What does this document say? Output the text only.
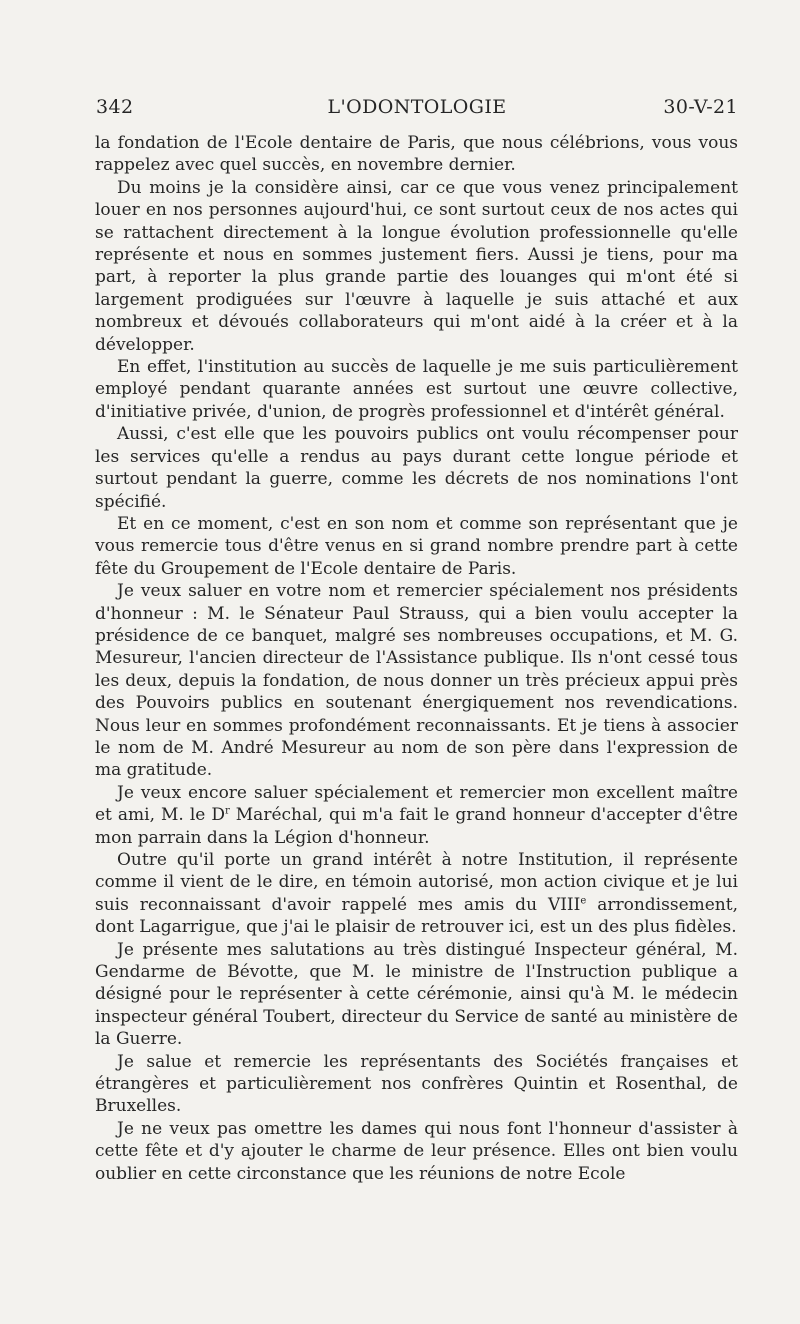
L'ODONTOLOGIE
342	30-V-21

la fondation de l'Ecole dentaire de Paris, que nous célébrions, vous vous rappelez avec quel succès, en novembre dernier.

Du moins je la considère ainsi, car ce que vous venez principalement louer en nos personnes aujourd'hui, ce sont surtout ceux de nos actes qui se rattachent directement à la longue évolution professionnelle qu'elle représente et nous en sommes justement fiers. Aussi je tiens, pour ma part, à reporter la plus grande partie des louanges qui m'ont été si largement prodiguées sur l'œuvre à laquelle je suis attaché et aux nombreux et dévoués collaborateurs qui m'ont aidé à la créer et à la développer.

En effet, l'institution au succès de laquelle je me suis particulièrement employé pendant quarante années est surtout une œuvre collective, d'initiative privée, d'union, de progrès professionnel et d'intérêt général.

Aussi, c'est elle que les pouvoirs publics ont voulu récompenser pour les services qu'elle a rendus au pays durant cette longue période et surtout pendant la guerre, comme les décrets de nos nominations l'ont spécifié.

Et en ce moment, c'est en son nom et comme son représentant que je vous remercie tous d'être venus en si grand nombre prendre part à cette fête du Groupement de l'Ecole dentaire de Paris.

Je veux saluer en votre nom et remercier spécialement nos présidents d'honneur : M. le Sénateur Paul Strauss, qui a bien voulu accepter la présidence de ce banquet, malgré ses nombreuses occupations, et M. G. Mesureur, l'ancien directeur de l'Assistance publique. Ils n'ont cessé tous les deux, depuis la fondation, de nous donner un très précieux appui près des Pouvoirs publics en soutenant énergiquement nos revendications. Nous leur en sommes profondément reconnaissants. Et je tiens à associer le nom de M. André Mesureur au nom de son père dans l'expression de ma gratitude.

Je veux encore saluer spécialement et remercier mon excellent maître et ami, M. le $D^r$ Maréchal, qui m'a fait le grand honneur d'accepter d'être mon parrain dans la Légion d'honneur.

Outre qu'il porte un grand intérêt à notre Institution, il représente comme il vient de le dire, en témoin autorisé, mon action civique et je lui suis reconnaissant d'avoir rappelé mes amis du VIIIe arrondissement, dont Lagarrigue, que j'ai le plaisir de retrouver ici, est un des plus fidèles.

Je présente mes salutations au très distingué Inspecteur général, M. Gendarme de Bévotte, que M. le ministre de l'Instruction publique a désigné pour le représenter à cette cérémonie, ainsi qu'à M. le médecin inspecteur général Toubert, directeur du Service de santé au ministère de la Guerre.

Je salue et remercie les représentants des Sociétés françaises et étrangères et particulièrement nos confrères Quintin et Rosenthal, de Bruxelles.

Je ne veux pas omettre les dames qui nous font l'honneur d'assister à cette fête et d'y ajouter le charme de leur présence. Elles ont bien voulu oublier en cette circonstance que les réunions de notre Ecole
